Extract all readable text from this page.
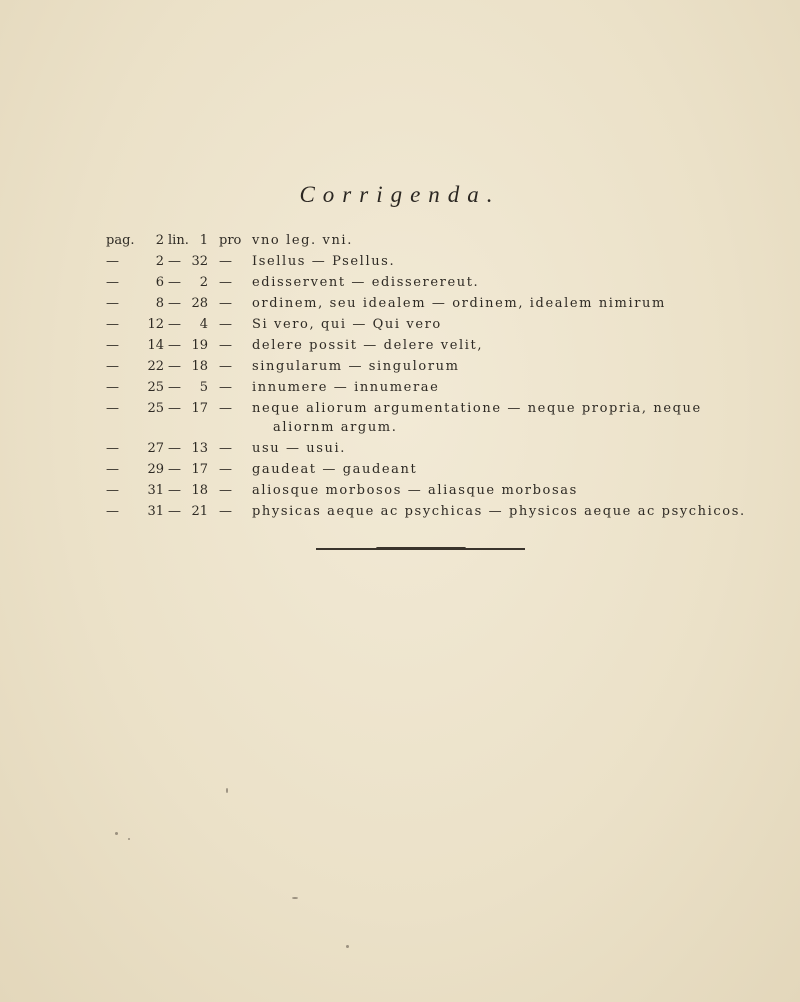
Corrigenda.
pag.	2 lin. 1 pro vno leg. vni.
—	2 — 32 —	Isellus — Psellus.
—	6 —	2 —	edisservent — edisserereut.
—	8 — 28 —	ordinem, seu idealem — ordinem, idealem nimirum
—	12 —	4 —	Si vero, qui — Qui vero
—	14 — 19 —	delere possit — delere velit,
—	22 — 18 —	singularum — singulorum
—	25 —	5 —	innumere — innumerae
—	25 — 17 —	neque aliorum argumentatione — neque propria, neque
aliornm argum.
—	27 — 13 —	usu — usui.
—	29 — 17 —	gaudeat — gaudeant
—	31 — 18 —	aliosque morbosos — aliasque morbosas
—	31 — 21 —	physicas aeque ac psychicas — physicos aeque ac psychicos.
